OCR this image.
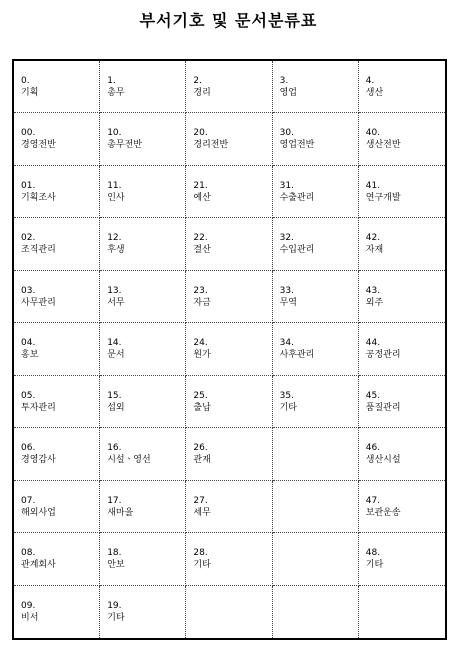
부서기호 및 문서분류표
0.
기획
1.
총무
2.
경리
3.
영업
4.
생산
00.
경영전반
10.
총무전반
20.
경리전반
30.
영업전반
40.
생산전반
01.
기획조사
11.
인사
21.
예산
31.
수출관리
41.
연구개발
02.
조직관리
12.
후생
22.
결산
32.
수입관리
42.
자재
03.
사무관리
13.
서무
23.
자금
33.
무역
43.
외주
04.
홍보
14.
문서
24.
원가
34.
사후관리
44.
공정관리
05.
투자관리
15.
섭외
25.
출납
35.
기타
45.
품질관리
06.
경영감사
16.
시설ㆍ영선
26.
관재
46.
생산시설
07.
해외사업
17.
새마을
27.
세무
47.
보관운송
08.
관계회사
18.
안보
28.
기타
48.
기타
09.
비서
19.
기타
